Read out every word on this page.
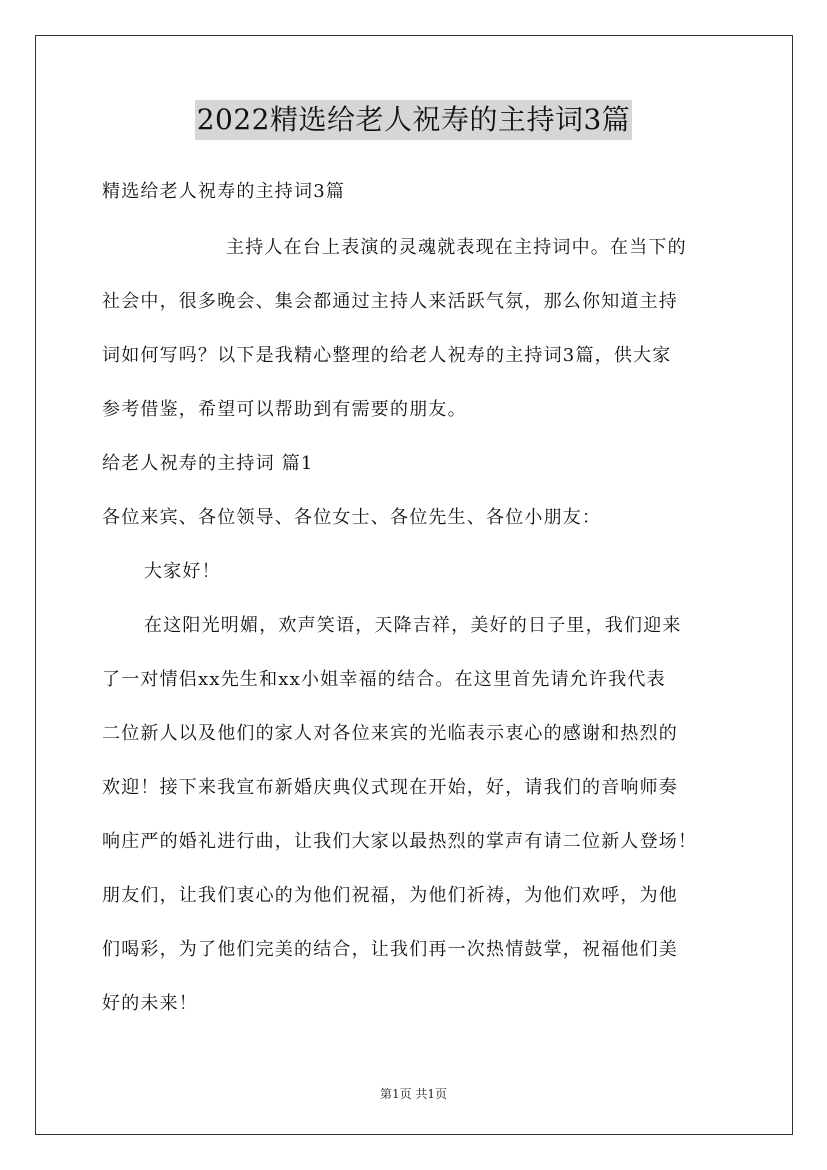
2022精选给老人祝寿的主持词3篇
精选给老人祝寿的主持词3篇
主持人在台上表演的灵魂就表现在主持词中。在当下的
社会中，很多晚会、集会都通过主持人来活跃气氛，那么你知道主持
词如何写吗？以下是我精心整理的给老人祝寿的主持词3篇，供大家
参考借鉴，希望可以帮助到有需要的朋友。
给老人祝寿的主持词 篇1
各位来宾、各位领导、各位女士、各位先生、各位小朋友：
大家好！
在这阳光明媚，欢声笑语，天降吉祥，美好的日子里，我们迎来
了一对情侣xx先生和xx小姐幸福的结合。在这里首先请允许我代表
二位新人以及他们的家人对各位来宾的光临表示衷心的感谢和热烈的
欢迎！接下来我宣布新婚庆典仪式现在开始，好，请我们的音响师奏
响庄严的婚礼进行曲，让我们大家以最热烈的掌声有请二位新人登场！
朋友们，让我们衷心的为他们祝福，为他们祈祷，为他们欢呼，为他
们喝彩，为了他们完美的结合，让我们再一次热情鼓掌，祝福他们美
好的未来！
第1页 共1页
